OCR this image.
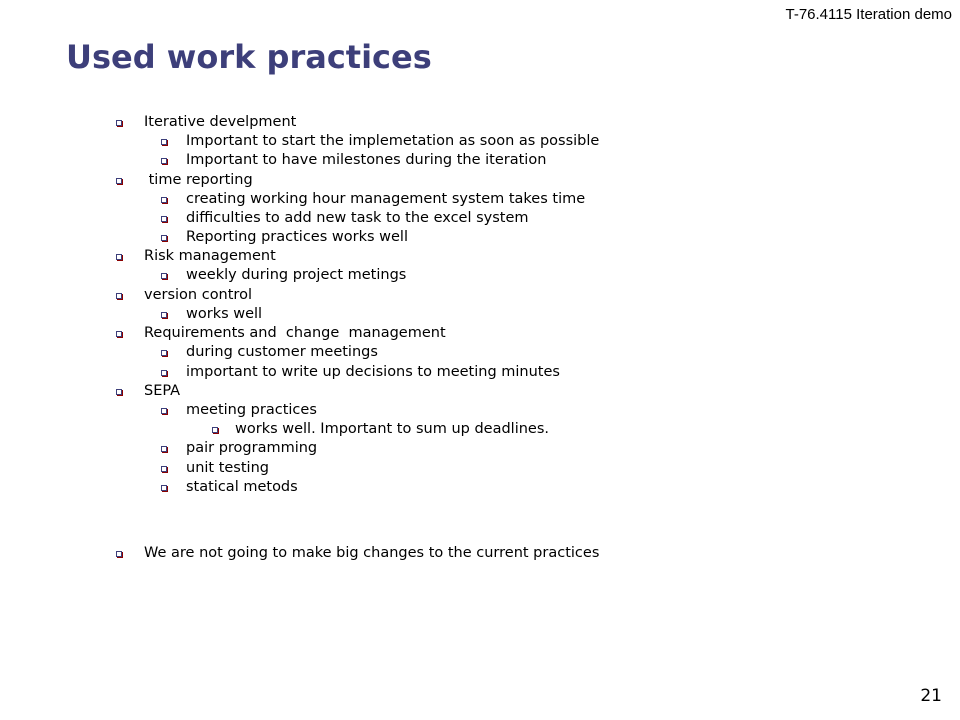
T-76.4115 Iteration demo
Used work practices
Iterative develpment
Important to start the implemetation as soon as possible
Important to have milestones during the iteration
time reporting
creating working hour management system takes time
difficulties to add new task to the excel system
Reporting practices works well
Risk management
weekly during project metings
version control
works well
Requirements and  change  management
during customer meetings
important to write up decisions to meeting minutes
SEPA
meeting practices
works well. Important to sum up deadlines.
pair programming
unit testing
statical metods
We are not going to make big changes to the current practices
21
